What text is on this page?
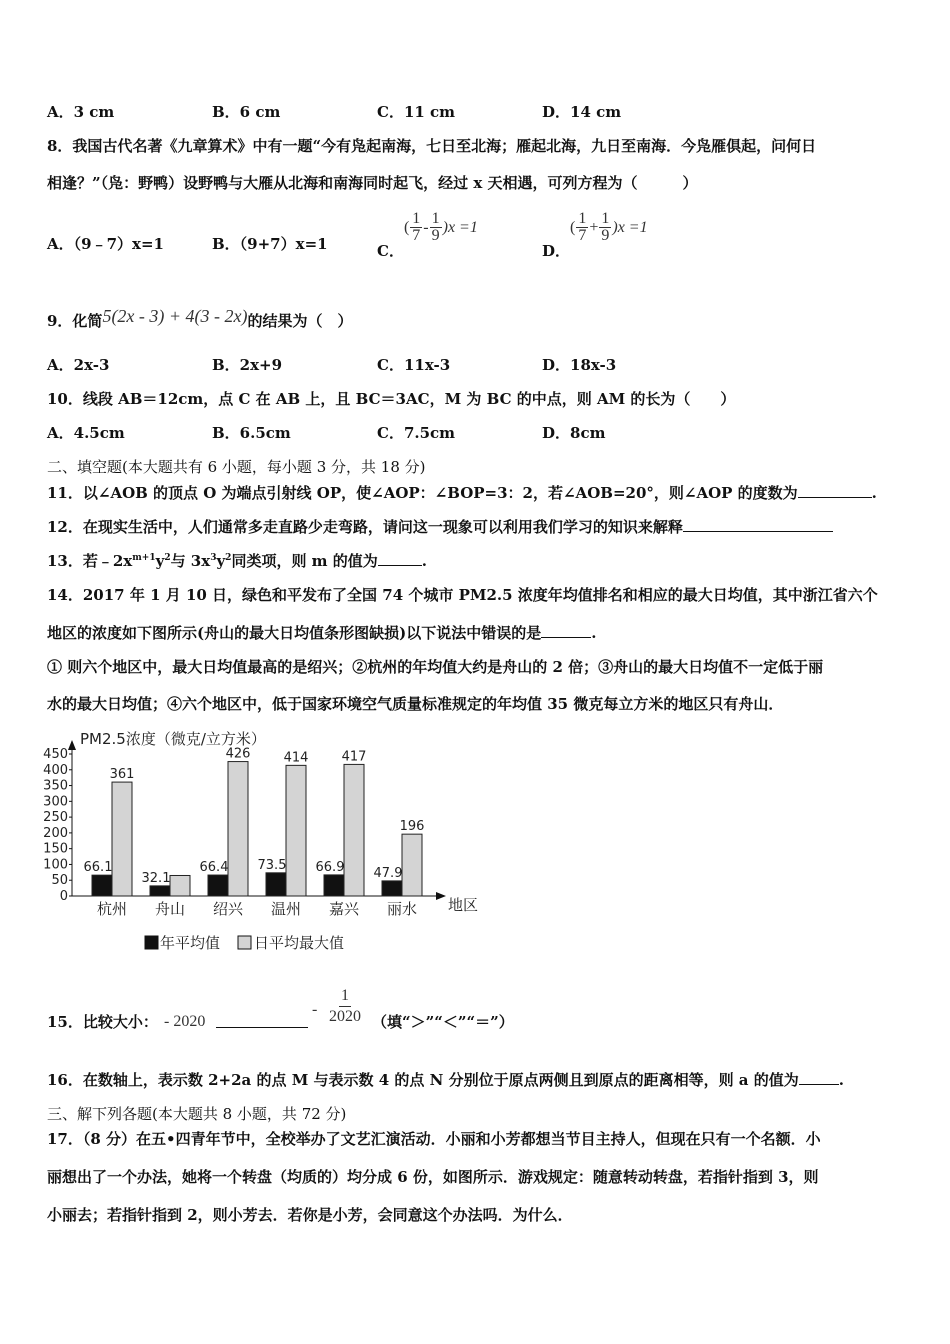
A．3 cm	B．6 cm	C．11 cm	D．14 cm
8．我国古代名著《九章算术》中有一题“今有凫起南海，七日至北海；雁起北海，九日至南海．今凫雁俱起，问何日
相逢？”（凫：野鸭）设野鸭与大雁从北海和南海同时起飞，经过 x 天相遇，可列方程为（　　　）
A．（9﹣7）x=1	B．（9+7）x=1	C．
( $\frac{1}{7} - \frac{1}{9} )x =1$
D．
( $\frac{1}{7} + \frac{1}{9} )x =1$
9．化简5(2x - 3) + 4(3 - 2x)的结果为（　）
A．2x-3	B．2x+9	C．11x-3	D．18x-3
10．线段 AB＝12cm，点 C 在 AB 上，且 BC＝3AC，M 为 BC 的中点，则 AM 的长为（　　）
A．4.5cm	B．6.5cm	C．7.5cm	D．8cm
二、填空题(本大题共有 6 小题，每小题 3 分，共 18 分)
11．以∠AOB 的顶点 O 为端点引射线 OP，使∠AOP：∠BOP=3：2，若∠AOB=20°，则∠AOP 的度数为	.
12．在现实生活中，人们通常多走直路少走弯路，请问这一现象可以利用我们学习的知识来解释
13．若$﹣2x^{m+1}y^2$与 $3x^3y^2$同类项，则 m 的值为	.
14．2017 年 1 月 10 日，绿色和平发布了全国 74 个城市 PM2.5 浓度年均值排名和相应的最大日均值，其中浙江省六个
地区的浓度如下图所示(舟山的最大日均值条形图缺损)以下说法中错误的是	.
① 则六个地区中，最大日均值最高的是绍兴；②杭州的年均值大约是舟山的 2 倍；③舟山的最大日均值不一定低于丽
水的最大日均值；④六个地区中，低于国家环境空气质量标准规定的年均值 35 微克每立方米的地区只有舟山．
PM2.5浓度（微克/立方米）
0
50
100
150
200
250
300
350
400
450
地区
66.1
361
杭州
32.1
舟山
66.4
426
绍兴
73.5
414
温州
66.9
417
嘉兴
47.9
196
丽水
年平均值 日平均最大值
15．比较大小： - 2020
- $\frac{1}{2020}$ （填“＞”“＜”“＝”）
16．在数轴上，表示数 2+2a 的点 M 与表示数 4 的点 N 分别位于原点两侧且到原点的距离相等，则 a 的值为	.
三、解下列各题(本大题共 8 小题，共 72 分)
17．（8 分）在五•四青年节中，全校举办了文艺汇演活动．小丽和小芳都想当节目主持人，但现在只有一个名额．小
丽想出了一个办法，她将一个转盘（均质的）均分成 6 份，如图所示．游戏规定：随意转动转盘，若指针指到 3，则
小丽去；若指针指到 2，则小芳去．若你是小芳，会同意这个办法吗．为什么．
